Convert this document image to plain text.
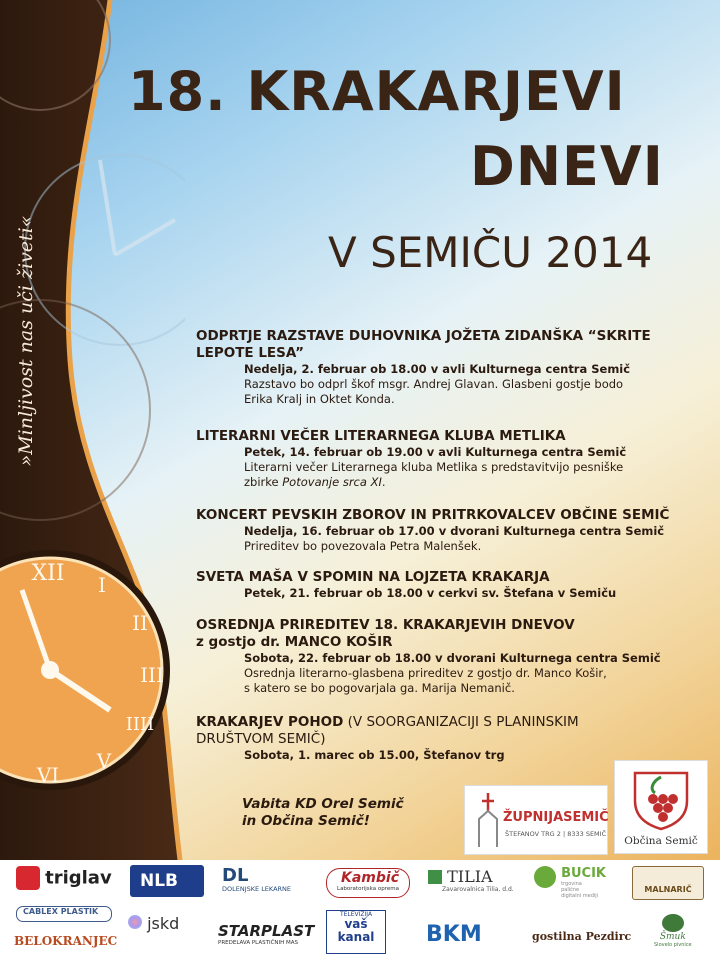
XII I
II
III
IIII
V
VI
»Minljivost nas uči živeti«
18. KRAKARJEVI
DNEVI
V SEMIČU 2014
ODPRTJE RAZSTAVE DUHOVNIKA JOŽETA ZIDANŠKA “SKRITE
LEPOTE LESA”
Nedelja, 2. februar ob 18.00 v avli Kulturnega centra Semič
Razstavo bo odprl škof msgr. Andrej Glavan. Glasbeni gostje bodo
Erika Kralj in Oktet Konda.
LITERARNI VEČER LITERARNEGA KLUBA METLIKA
Petek, 14. februar ob 19.00 v avli Kulturnega centra Semič
Literarni večer Literarnega kluba Metlika s predstavitvijo pesniške
zbirke Potovanje srca XI.
KONCERT PEVSKIH ZBOROV IN PRITRKOVALCEV OBČINE SEMIČ
Nedelja, 16. februar ob 17.00 v dvorani Kulturnega centra Semič
Prireditev bo povezovala Petra Malenšek.
SVETA MAŠA V SPOMIN NA LOJZETA KRAKARJA
Petek, 21. februar ob 18.00 v cerkvi sv. Štefana v Semiču
OSREDNJA PRIREDITEV 18. KRAKARJEVIH DNEVOV
z gostjo dr. MANCO KOŠIR
Sobota, 22. februar ob 18.00 v dvorani Kulturnega centra Semič
Osrednja literarno-glasbena prireditev z gostjo dr. Manco Košir,
s katero se bo pogovarjala ga. Marija Nemanič.
KRAKARJEV POHOD (V SOORGANIZACIJI S PLANINSKIM
DRUŠTVOM SEMIČ)
Sobota, 1. marec ob 15.00, Štefanov trg
Vabita KD Orel Semič
in Občina Semič!	ŽUPNIJASEMIČ
ŠTEFANOV TRG 2 | 8333 SEMIČ
Občina Semič
triglav NLB DL
DOLENJSKE LEKARNE
Kambič
Laboratorijska oprema
TILIA
Zavarovalnica Tilia, d.d.

BUCIK
trgovina
palične
digitalni mediji
MALNARIČ
CABLEX PLASTIK
BELOKRANJEC
jskd	STARPLAST
PREDELAVA PLASTIČNIH MAS
TELEVIZIJA
vaš kanal	BKM	gostilna Pezdirc	Šmuk
Slovelo pivnice
